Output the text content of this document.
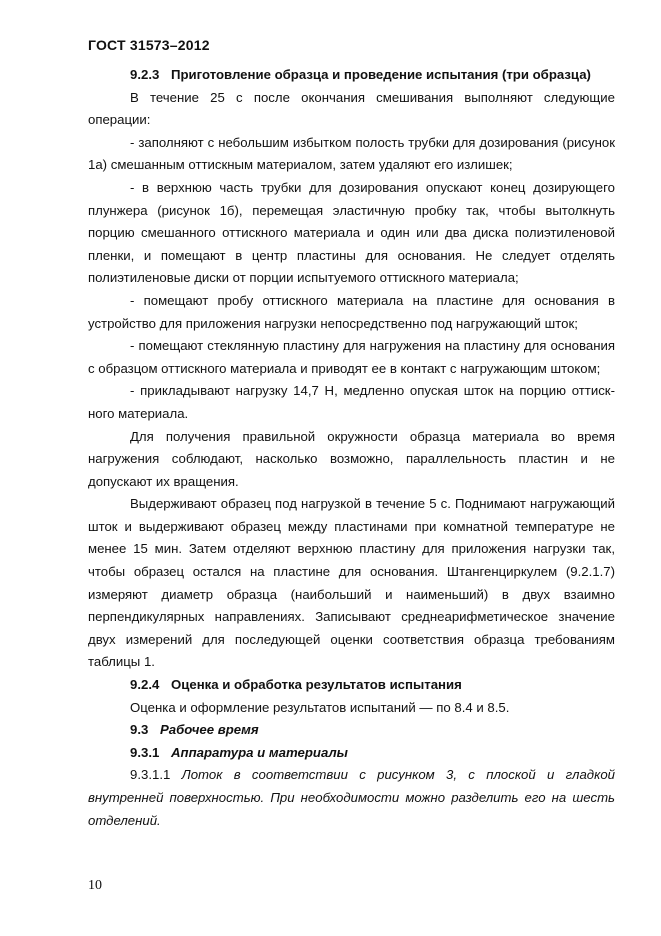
ГОСТ 31573–2012

9.2.3 Приготовление образца и проведение испытания (три образца)

В течение 25 с после окончания смешивания выполняют следующие операции:

- заполняют с небольшим избытком полость трубки для дозирования (рисунок 1а) смешанным оттискным материалом, затем удаляют его излишек;

- в верхнюю часть трубки для дозирования опускают конец дозирующего плунжера (рисунок 1б), перемещая эластичную пробку так, чтобы вытолкнуть порцию смешанного оттискного материала и один или два диска полиэтиленовой пленки, и помещают в центр пластины для основания. Не следует отделять полиэтиленовые диски от порции испытуемого оттискного материала;

- помещают пробу оттискного материала на пластине для основания в устройство для приложения нагрузки непосредственно под нагружающий шток;

- помещают стеклянную пластину для нагружения на пластину для основания с образцом оттискного материала и приводят ее в контакт с нагружающим штоком;

- прикладывают нагрузку 14,7 Н, медленно опуская шток на порцию оттискного материала.

Для получения правильной окружности образца материала во время нагружения соблюдают, насколько возможно, параллельность пластин и не допускают их вращения.

Выдерживают образец под нагрузкой в течение 5 с. Поднимают нагружающий шток и выдерживают образец между пластинами при комнатной температуре не менее 15 мин. Затем отделяют верхнюю пластину для приложения нагрузки так, чтобы образец остался на пластине для основания. Штангенциркулем (9.2.1.7) измеряют диаметр образца (наибольший и наименьший) в двух взаимно перпендикулярных направлениях. Записывают среднеарифметическое значение двух измерений для последующей оценки соответствия образца требованиям таблицы 1.

9.2.4 Оценка и обработка результатов испытания

Оценка и оформление результатов испытаний — по 8.4 и 8.5.

9.3 Рабочее время

9.3.1 Аппаратура и материалы

9.3.1.1 Лоток в соответствии с рисунком 3, с плоской и гладкой внутренней поверхностью. При необходимости можно разделить его на шесть отделений.

10
